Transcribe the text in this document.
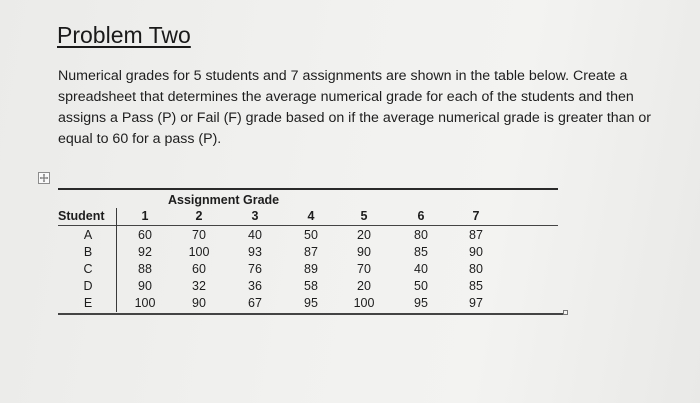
Problem Two
Numerical grades for 5 students and 7 assignments are shown in the table below. Create a
spreadsheet that determines the average numerical grade for each of the students and then
assigns a Pass (P) or Fail (F) grade based on if the average numerical grade is greater than or
equal to 60 for a pass (P).
Assignment Grade
Student	1	2	3	4	5	6	7
A	60	70	40	50	20	80	87
B	92	100	93	87	90	85	90
C	88	60	76	89	70	40	80
D	90	32	36	58	20	50	85
E	100	90	67	95	100	95	97
